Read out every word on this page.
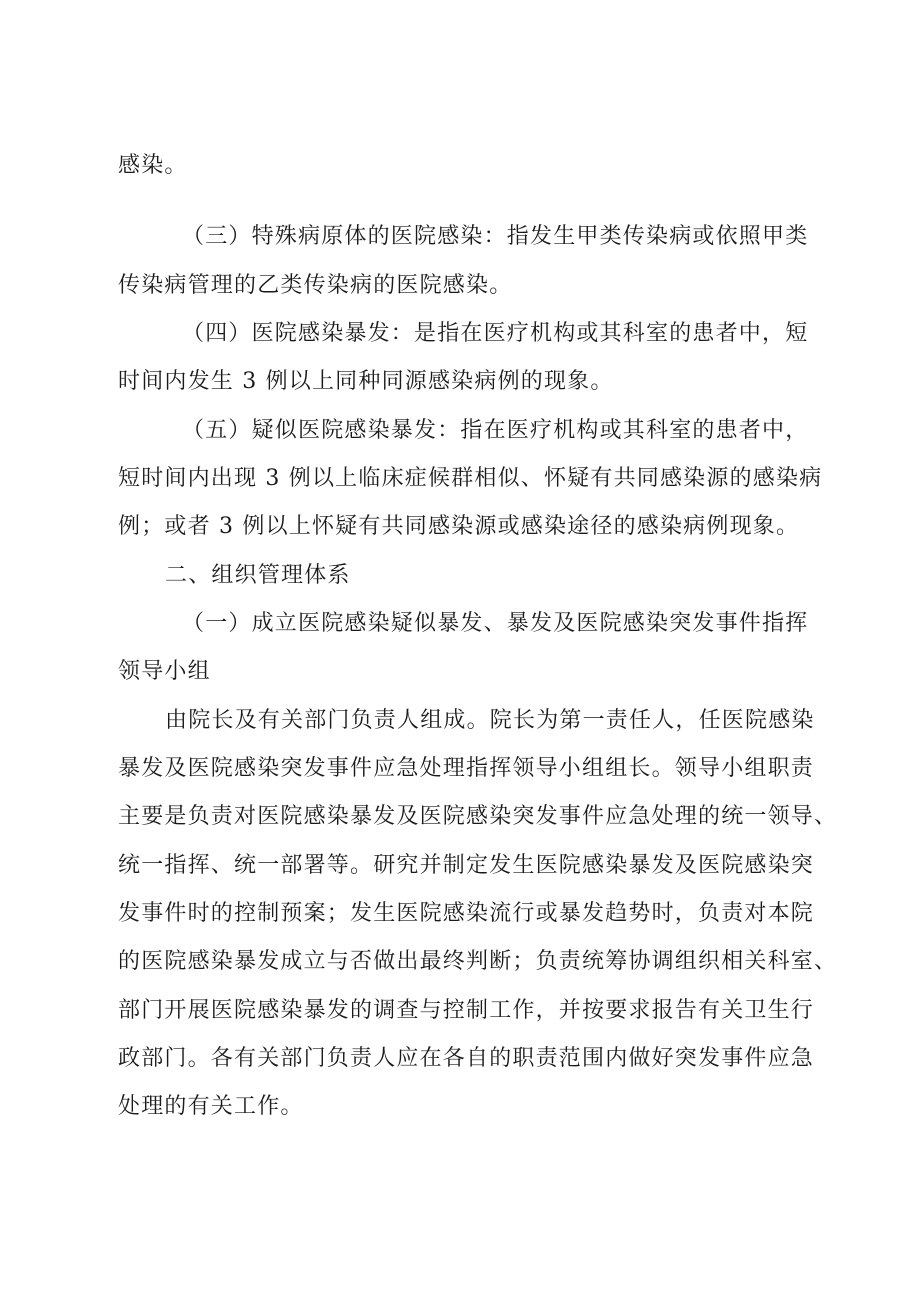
感染。
（三）特殊病原体的医院感染：指发生甲类传染病或依照甲类
传染病管理的乙类传染病的医院感染。
（四）医院感染暴发：是指在医疗机构或其科室的患者中，短
时间内发生 3 例以上同种同源感染病例的现象。
（五）疑似医院感染暴发：指在医疗机构或其科室的患者中，
短时间内出现 3 例以上临床症候群相似、怀疑有共同感染源的感染病
例；或者 3 例以上怀疑有共同感染源或感染途径的感染病例现象。
二、组织管理体系
（一）成立医院感染疑似暴发、暴发及医院感染突发事件指挥
领导小组
由院长及有关部门负责人组成。院长为第一责任人，任医院感染
暴发及医院感染突发事件应急处理指挥领导小组组长。领导小组职责
主要是负责对医院感染暴发及医院感染突发事件应急处理的统一领导、
统一指挥、统一部署等。研究并制定发生医院感染暴发及医院感染突
发事件时的控制预案；发生医院感染流行或暴发趋势时，负责对本院
的医院感染暴发成立与否做出最终判断；负责统筹协调组织相关科室、
部门开展医院感染暴发的调查与控制工作，并按要求报告有关卫生行
政部门。各有关部门负责人应在各自的职责范围内做好突发事件应急
处理的有关工作。
